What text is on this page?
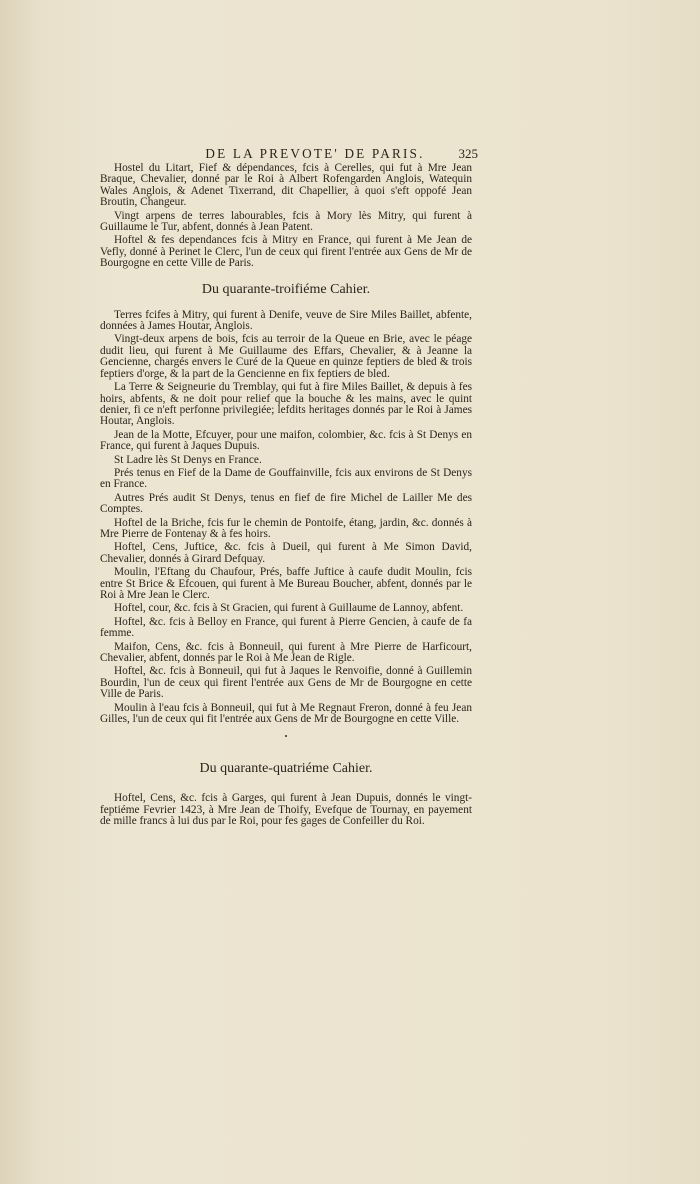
DE LA PREVOTE' DE PARIS.	325

Hostel du Litart, Fief & dépendances, fcis à Cerelles, qui fut à Mre Jean Braque, Chevalier, donné par le Roi à Albert Rofengarden Anglois, Watequin Wales Anglois, & Adenet Tixerrand, dit Chapellier, à quoi s'eft oppofé Jean Broutin, Changeur.

Vingt arpens de terres labourables, fcis à Mory lès Mitry, qui furent à Guillaume le Tur, abfent, donnés à Jean Patent.

Hoftel & fes dependances fcis à Mitry en France, qui furent à Me Jean de Vefly, donné à Perinet le Clerc, l'un de ceux qui firent l'entrée aux Gens de Mr de Bourgogne en cette Ville de Paris.

Du quarante-troifiéme Cahier.

Terres fcifes à Mitry, qui furent à Denife, veuve de Sire Miles Baillet, abfente, données à James Houtar, Anglois.

Vingt-deux arpens de bois, fcis au terroir de la Queue en Brie, avec le péage dudit lieu, qui furent à Me Guillaume des Effars, Chevalier, & à Jeanne la Gencienne, chargés envers le Curé de la Queue en quinze feptiers de bled & trois feptiers d'orge, & la part de la Gencienne en fix feptiers de bled.

La Terre & Seigneurie du Tremblay, qui fut à fire Miles Baillet, & depuis à fes hoirs, abfents, & ne doit pour relief que la bouche & les mains, avec le quint denier, fi ce n'eft perfonne privilegiée; lefdits heritages donnés par le Roi à James Houtar, Anglois.

Jean de la Motte, Efcuyer, pour une maifon, colombier, &c. fcis à St Denys en France, qui furent à Jaques Dupuis.

St Ladre lès St Denys en France.

Prés tenus en Fief de la Dame de Gouffainville, fcis aux environs de St Denys en France.

Autres Prés audit St Denys, tenus en fief de fire Michel de Lailler Me des Comptes.

Hoftel de la Briche, fcis fur le chemin de Pontoife, étang, jardin, &c. donnés à Mre Pierre de Fontenay & à fes hoirs.

Hoftel, Cens, Juftice, &c. fcis à Dueil, qui furent à Me Simon David, Chevalier, donnés à Girard Defquay.

Moulin, l'Eftang du Chaufour, Prés, baffe Juftice à caufe dudit Moulin, fcis entre St Brice & Efcouen, qui furent à Me Bureau Boucher, abfent, donnés par le Roi à Mre Jean le Clerc.

Hoftel, cour, &c. fcis à St Gracien, qui furent à Guillaume de Lannoy, abfent.

Hoftel, &c. fcis à Belloy en France, qui furent à Pierre Gencien, à caufe de fa femme.

Maifon, Cens, &c. fcis à Bonneuil, qui furent à Mre Pierre de Harficourt, Chevalier, abfent, donnés par le Roi à Me Jean de Rigle.

Hoftel, &c. fcis à Bonneuil, qui fut à Jaques le Renvoifie, donné à Guillemin Bourdin, l'un de ceux qui firent l'entrée aux Gens de Mr de Bourgogne en cette Ville de Paris.

Moulin à l'eau fcis à Bonneuil, qui fut à Me Regnaut Freron, donné à feu Jean Gilles, l'un de ceux qui fit l'entrée aux Gens de Mr de Bourgogne en cette Ville.

•
Du quarante-quatriéme Cahier.

Hoftel, Cens, &c. fcis à Garges, qui furent à Jean Dupuis, donnés le vingt-feptiéme Fevrier 1423, à Mre Jean de Thoify, Evefque de Tournay, en payement de mille francs à lui dus par le Roi, pour fes gages de Confeiller du Roi.
